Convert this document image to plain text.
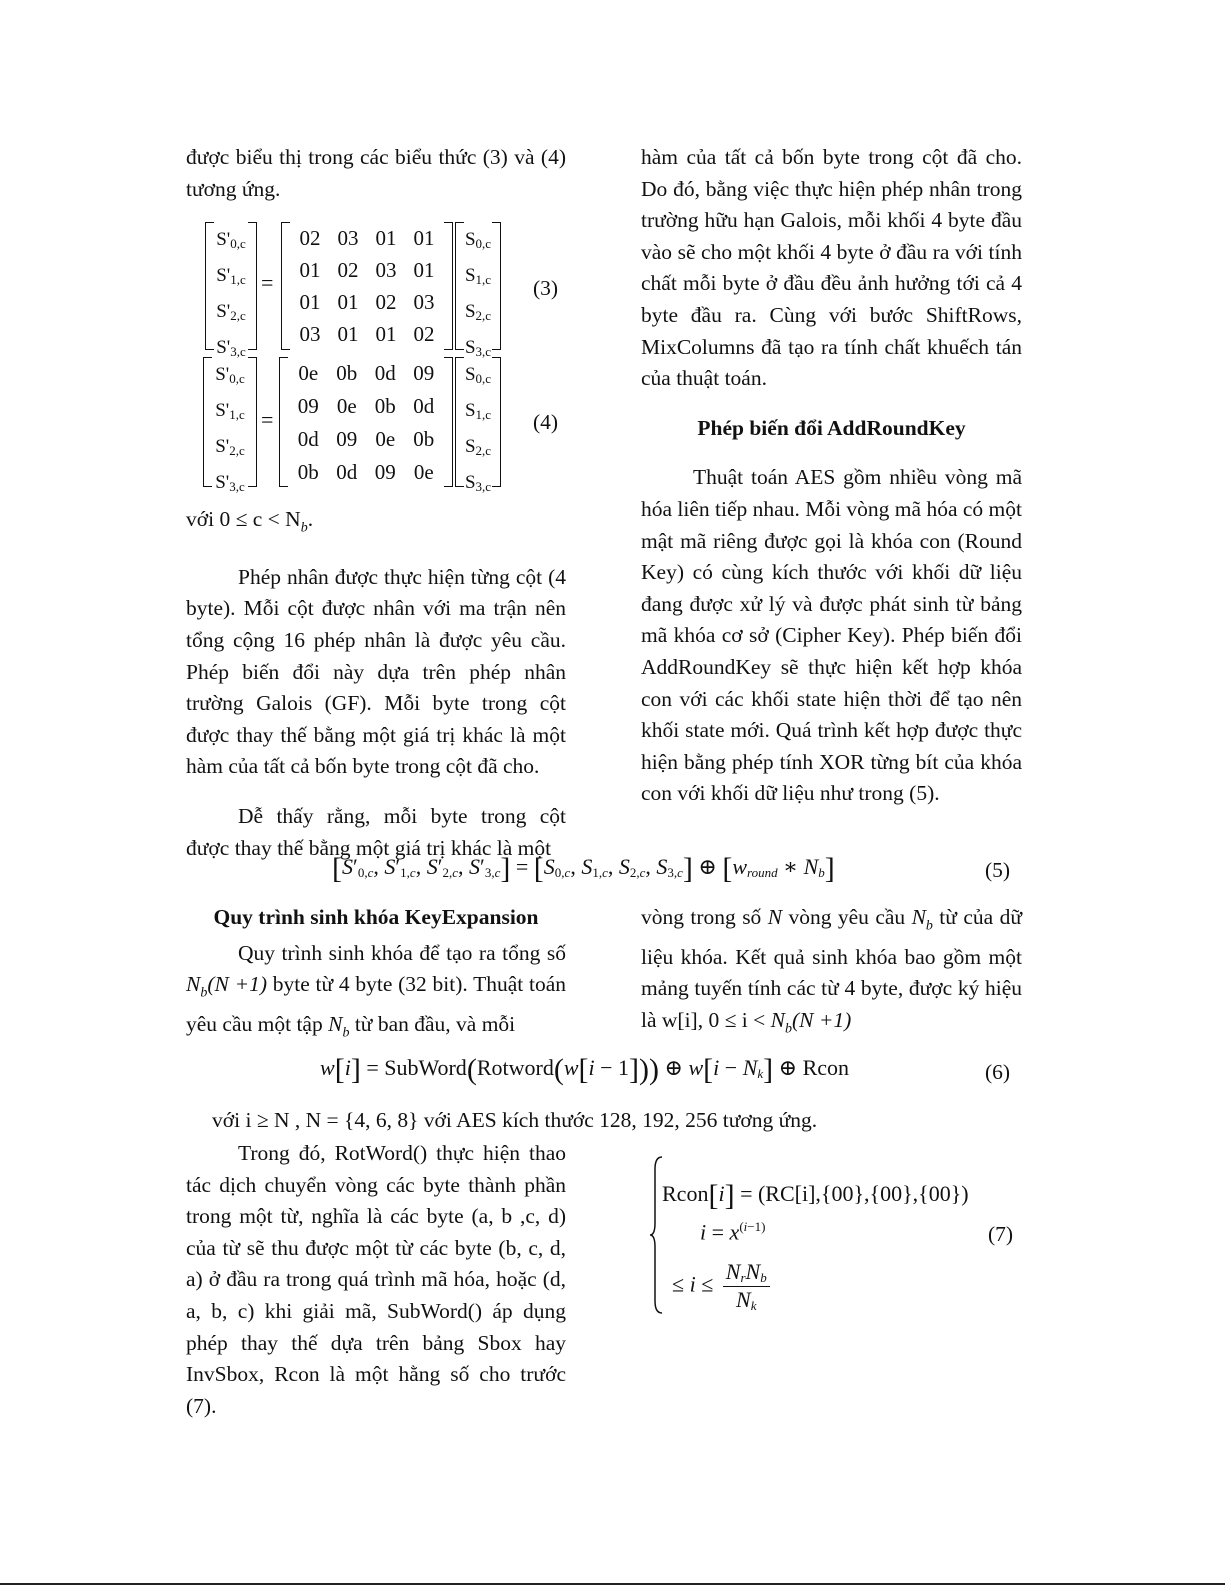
được biểu thị trong các biểu thức (3) và (4) tương ứng.

$S'_{0,c}$
$S'_{1,c}$
$S'_{2,c}$
$S'_{3,c}$
=
02 03 01 01
01 02 03 01
01 01 02 03
03 01 01 02
$S_{0,c}$
$S_{1,c}$
$S_{2,c}$
$S_{3,c}$
(3)
$S'_{0,c}$
$S'_{1,c}$
$S'_{2,c}$
$S'_{3,c}$
=
0e 0b 0d 09
09 0e 0b 0d
0d 09 0e 0b
0b 0d 09 0e
$S_{0,c}$
$S_{1,c}$
$S_{2,c}$
$S_{3,c}$
(4)

với $0 \le c < N_b$.

Phép nhân được thực hiện từng cột (4 byte). Mỗi cột được nhân với ma trận nên tổng cộng 16 phép nhân là được yêu cầu. Phép biến đổi này dựa trên phép nhân trường Galois (GF). Mỗi byte trong cột được thay thế bằng một giá trị khác là một hàm của tất cả bốn byte trong cột đã cho.

Dễ thấy rằng, mỗi byte trong cột được thay thế bằng một giá trị khác là một

hàm của tất cả bốn byte trong cột đã cho. Do đó, bằng việc thực hiện phép nhân trong trường hữu hạn Galois, mỗi khối 4 byte đầu vào sẽ cho một khối 4 byte ở đầu ra với tính chất mỗi byte ở đầu đều ảnh hưởng tới cả 4 byte đầu ra. Cùng với bước ShiftRows, MixColumns đã tạo ra tính chất khuếch tán của thuật toán.

Phép biến đổi AddRoundKey

Thuật toán AES gồm nhiều vòng mã hóa liên tiếp nhau. Mỗi vòng mã hóa có một mật mã riêng được gọi là khóa con (Round Key) có cùng kích thước với khối dữ liệu đang được xử lý và được phát sinh từ bảng mã khóa cơ sở (Cipher Key). Phép biến đổi AddRoundKey sẽ thực hiện kết hợp khóa con với các khối state hiện thời để tạo nên khối state mới. Quá trình kết hợp được thực hiện bằng phép tính XOR từng bít của khóa con với khối dữ liệu như trong (5).

[$S'_{0,c}$, $S'_{1,c}$, $S'_{2,c}$, $S'_{3,c}] = [S_{0,c}$, $S_{1,c}$, $S_{2,c}$, $S_{3,c}$] ⊕ [$w_{round}$ ∗ $N_b$]	(5)

Quy trình sinh khóa KeyExpansion

Quy trình sinh khóa để tạo ra tổng số $N_b(N +1)$ byte từ 4 byte (32 bit). Thuật toán yêu cầu một tập $N_b$ từ ban đầu, và mỗi

vòng trong số N vòng yêu cầu $N_b$ từ của dữ liệu khóa. Kết quả sinh khóa bao gồm một mảng tuyến tính các từ 4 byte, được ký hiệu là w[i], $0 \le i < N_b(N +1)$

w[i] = SubWord(Rotword(w[i − 1])) ⊕ $w[i - N_k]$ ⊕ Rcon	(6)
với i ≥ N , N = {4, 6, 8} với AES kích thước 128, 192, 256 tương ứng.

Trong đó, RotWord() thực hiện thao tác dịch chuyển vòng các byte thành phần trong một từ, nghĩa là các byte (a, b ,c, d) của từ sẽ thu được một từ các byte (b, c, d, a) ở đầu ra trong quá trình mã hóa, hoặc (d, a, b, c) khi giải mã, SubWord() áp dụng phép thay thế dựa trên bảng Sbox hay InvSbox, Rcon là một hằng số cho trước (7).

Rcon[i] = (RC[i],{00},{00},{00})
$i = x^{(i-1)}$
≤ $i \le \frac{N_rN_b}{N_k}$
(7)
